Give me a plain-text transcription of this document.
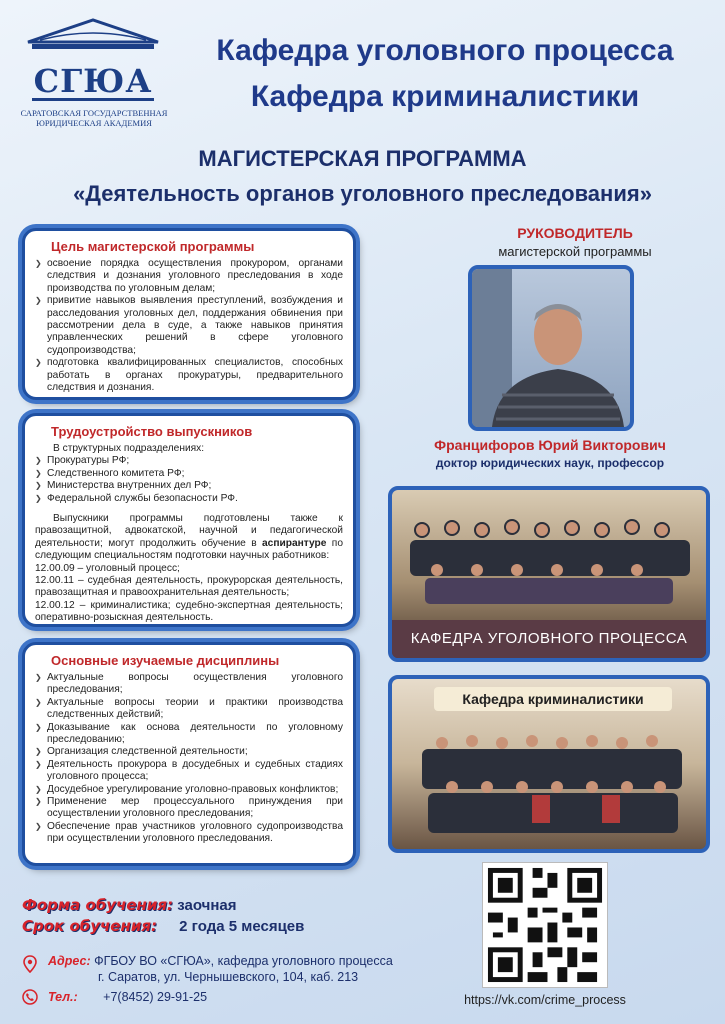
СГЮА
САРАТОВСКАЯ ГОСУДАРСТВЕННАЯ
ЮРИДИЧЕСКАЯ АКАДЕМИЯ
Кафедра уголовного процесса
Кафедра криминалистики
МАГИСТЕРСКАЯ ПРОГРАММА
«Деятельность органов уголовного преследования»
Цель магистерской программы
❯ освоение порядка осуществления прокурором, органами следствия и дознания уголовного преследования в ходе производства по уголовным делам;
❯ привитие навыков выявления преступлений, возбуждения и расследования уголовных дел, поддержания обвинения при рассмотрении дела в суде, а также навыков принятия управленческих решений в сфере уголовного судопроизводства;
❯ подготовка квалифицированных специалистов, способных работать в органах прокуратуры, предварительного следствия и дознания.
Трудоустройство выпускников
В структурных подразделениях:
❯ Прокуратуры РФ;
❯ Следственного комитета РФ;
❯ Министерства внутренних дел РФ;
❯ Федеральной службы безопасности РФ.
Выпускники программы подготовлены также к правозащитной, адвокатской, научной и педагогической деятельности; могут продолжить обучение в аспирантуре по следующим специальностям подготовки научных работников:
12.00.09 – уголовный процесс;
12.00.11 – судебная деятельность, прокурорская деятельность, правозащитная и правоохранительная деятельность;
12.00.12 – криминалистика; судебно-экспертная деятельность; оперативно-розыскная деятельность.
Основные изучаемые дисциплины
❯ Актуальные вопросы осуществления уголовного преследования;
❯ Актуальные вопросы теории и практики производства следственных действий;
❯ Доказывание как основа деятельности по уголовному преследованию;
❯ Организация следственной деятельности;
❯ Деятельность прокурора в досудебных и судебных стадиях уголовного процесса;
❯ Досудебное урегулирование уголовно-правовых конфликтов;
❯ Применение мер процессуального принуждения при осуществлении уголовного преследования;
❯ Обеспечение прав участников уголовного судопроизводства при осуществлении уголовного преследования.
РУКОВОДИТЕЛЬ
магистерской программы
Францифоров Юрий Викторович
доктор юридических наук, профессор
КАФЕДРА УГОЛОВНОГО ПРОЦЕССА
Кафедра криминалистики
Форма обучения: заочная
Срок обучения: 2 года 5 месяцев
Адрес: ФГБОУ ВО «СГЮА», кафедра уголовного процесса
г. Саратов, ул. Чернышевского, 104, каб. 213
Тел.: +7(8452) 29-91-25	https://vk.com/crime_process
